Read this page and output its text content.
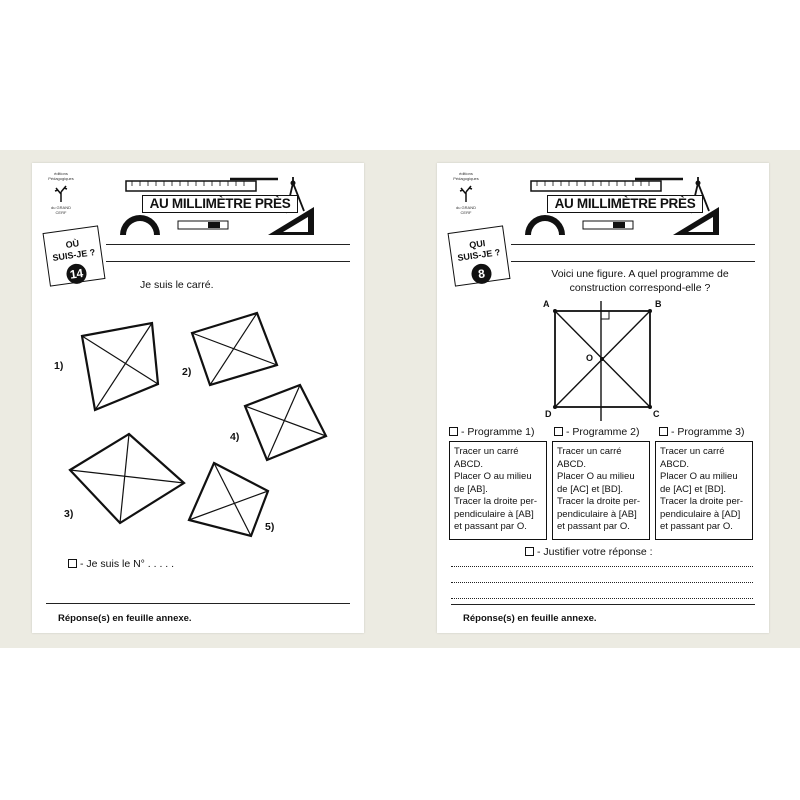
éditions Pédagogiques
du GRAND CERF
AU MILLIMÈTRE PRÈS
OÙ
SUIS-JE ?
14
Je suis le carré.
1)	2)
3)
4)
5)
- Je suis le N° . . . . .
Réponse(s) en feuille annexe.
éditions Pédagogiques
du GRAND CERF
AU MILLIMÈTRE PRÈS
QUI
SUIS-JE ?
8	Voici une figure. A quel programme de
construction correspond-elle ?
A	B
C
D
O
- Programme 1)	- Programme 2)	- Programme 3)
Tracer un carré
ABCD.
Placer O au milieu
de [AB].
Tracer la droite per-
pendiculaire à [AB]
et passant par O.
Tracer un carré
ABCD.
Placer O au milieu
de [AC] et [BD].
Tracer la droite per-
pendiculaire à [AB]
et passant par O.
Tracer un carré
ABCD.
Placer O au milieu
de [AC] et [BD].
Tracer la droite per-
pendiculaire à [AD]
et passant par O.
- Justifier votre réponse :
Réponse(s) en feuille annexe.
